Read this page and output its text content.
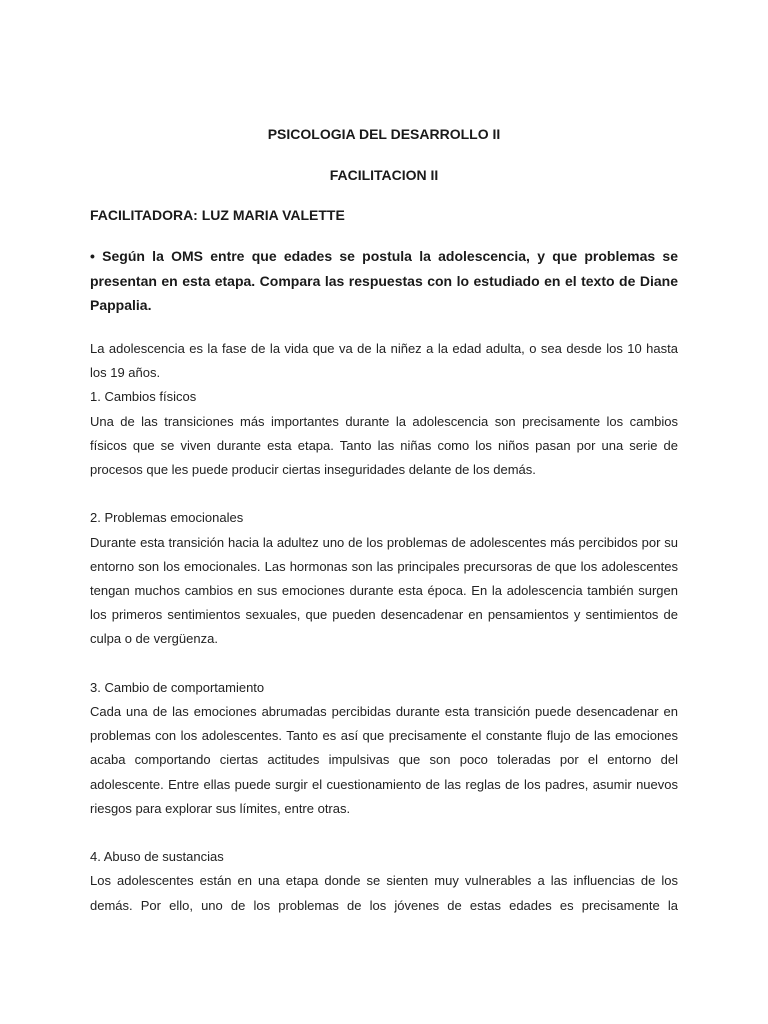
PSICOLOGIA DEL DESARROLLO II
FACILITACION II
FACILITADORA: LUZ MARIA VALETTE
• Según la OMS entre que edades se postula la adolescencia, y que problemas se presentan en esta etapa. Compara las respuestas con lo estudiado en el texto de Diane Pappalia.

La adolescencia es la fase de la vida que va de la niñez a la edad adulta, o sea desde los 10 hasta los 19 años.

1. Cambios físicos

Una de las transiciones más importantes durante la adolescencia son precisamente los cambios físicos que se viven durante esta etapa. Tanto las niñas como los niños pasan por una serie de procesos que les puede producir ciertas inseguridades delante de los demás.

2. Problemas emocionales

Durante esta transición hacia la adultez uno de los problemas de adolescentes más percibidos por su entorno son los emocionales. Las hormonas son las principales precursoras de que los adolescentes tengan muchos cambios en sus emociones durante esta época. En la adolescencia también surgen los primeros sentimientos sexuales, que pueden desencadenar en pensamientos y sentimientos de culpa o de vergüenza.

3. Cambio de comportamiento

Cada una de las emociones abrumadas percibidas durante esta transición puede desencadenar en problemas con los adolescentes. Tanto es así que precisamente el constante flujo de las emociones acaba comportando ciertas actitudes impulsivas que son poco toleradas por el entorno del adolescente. Entre ellas puede surgir el cuestionamiento de las reglas de los padres, asumir nuevos riesgos para explorar sus límites, entre otras.

4. Abuso de sustancias

Los adolescentes están en una etapa donde se sienten muy vulnerables a las influencias de los demás. Por ello, uno de los problemas de los jóvenes de estas edades es precisamente la
